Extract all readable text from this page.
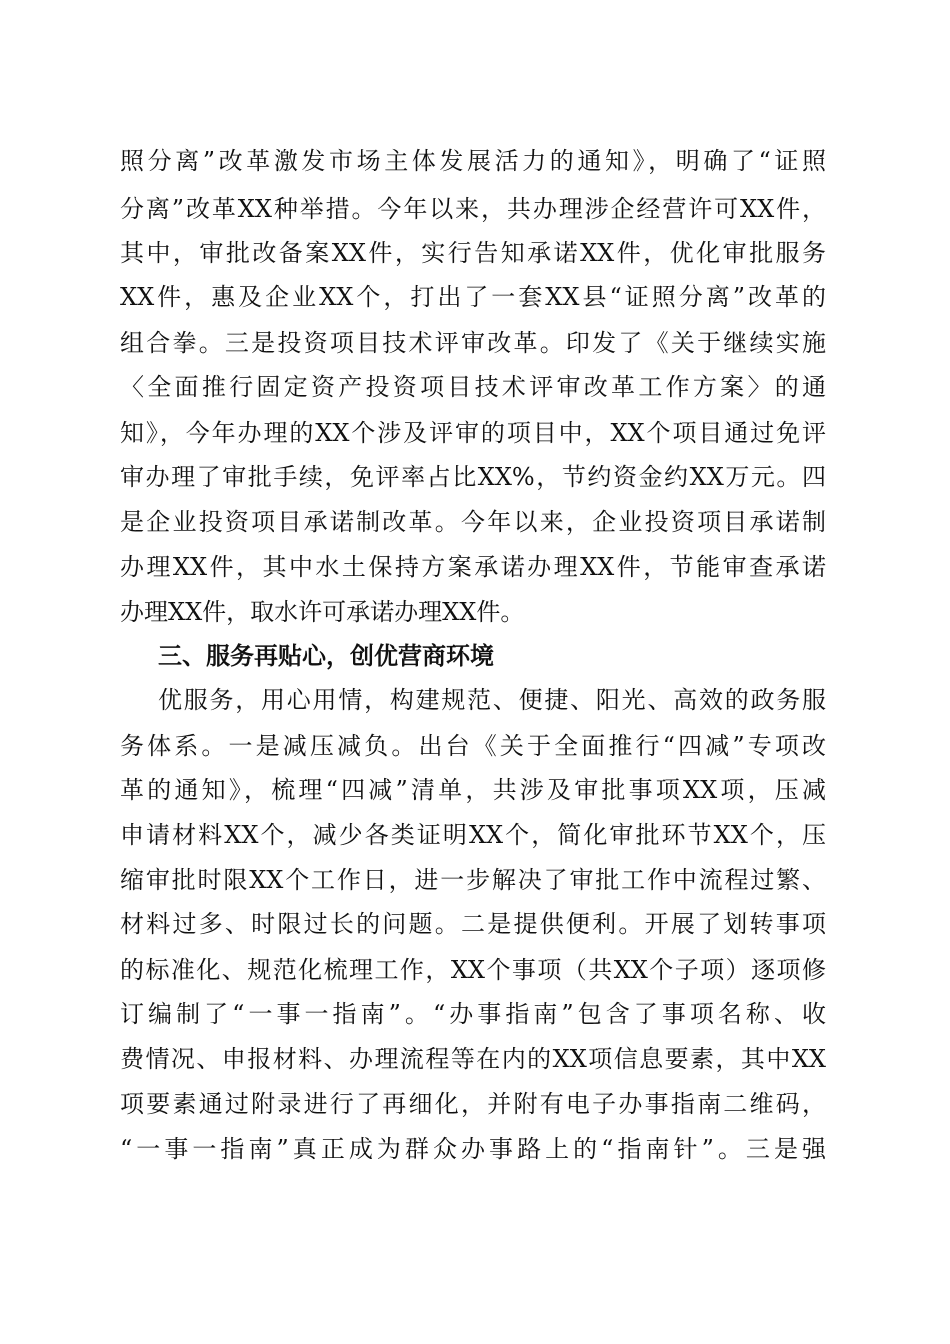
照分离”改革激发市场主体发展活力的通知》，明确了“证照
分离”改革XX种举措。今年以来，共办理涉企经营许可XX件，
其中，审批改备案XX件，实行告知承诺XX件，优化审批服务
XX件，惠及企业XX个，打出了一套XX县“证照分离”改革的
组合拳。三是投资项目技术评审改革。印发了《关于继续实施
〈全面推行固定资产投资项目技术评审改革工作方案〉的通
知》，今年办理的XX个涉及评审的项目中，XX个项目通过免评
审办理了审批手续，免评率占比XX%，节约资金约XX万元。四
是企业投资项目承诺制改革。今年以来，企业投资项目承诺制
办理XX件，其中水土保持方案承诺办理XX件，节能审查承诺
办理XX件，取水许可承诺办理XX件。
三、服务再贴心，创优营商环境
优服务，用心用情，构建规范、便捷、阳光、高效的政务服
务体系。一是减压减负。出台《关于全面推行“四减”专项改
革的通知》，梳理“四减”清单，共涉及审批事项XX项，压减
申请材料XX个，减少各类证明XX个，简化审批环节XX个，压
缩审批时限XX个工作日，进一步解决了审批工作中流程过繁、
材料过多、时限过长的问题。二是提供便利。开展了划转事项
的标准化、规范化梳理工作，XX个事项（共XX个子项）逐项修
订编制了“一事一指南”。“办事指南”包含了事项名称、收
费情况、申报材料、办理流程等在内的XX项信息要素，其中XX
项要素通过附录进行了再细化，并附有电子办事指南二维码，
“一事一指南”真正成为群众办事路上的“指南针”。三是强
